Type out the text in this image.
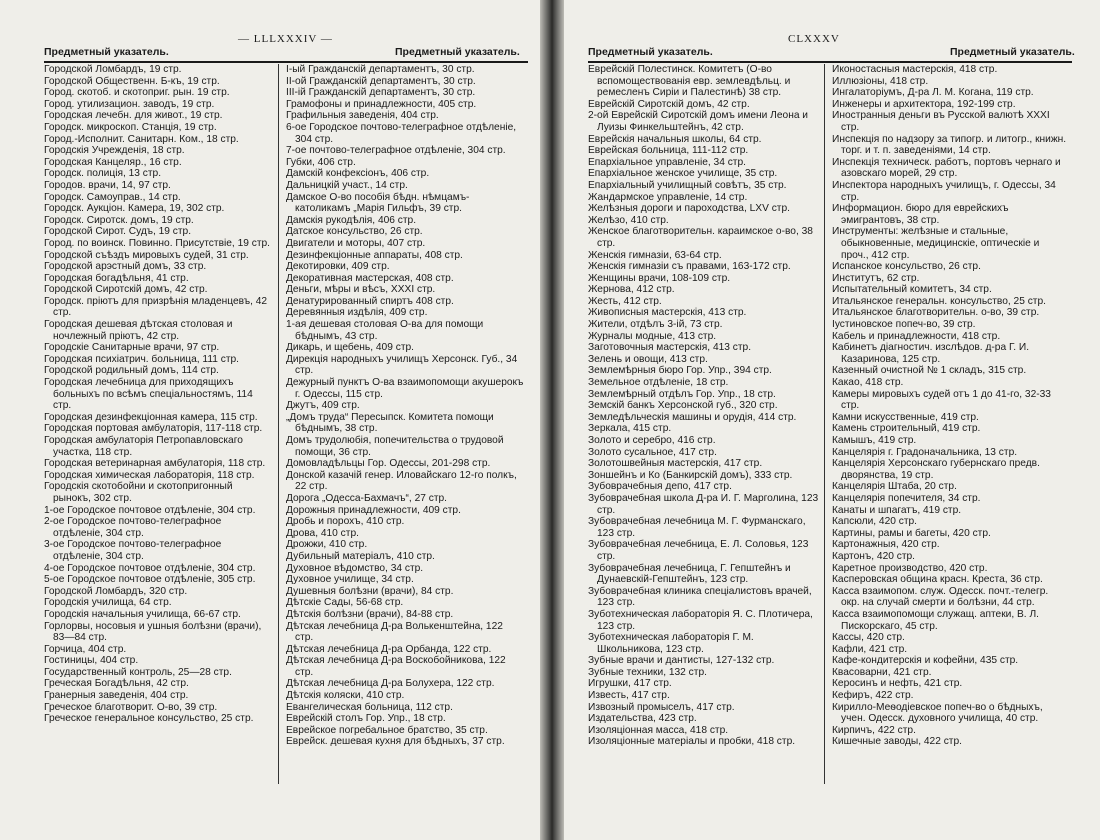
— LLLXXXIV —
Предметный указатель.	Предметный указатель.
Городской Ломбардъ, 19 стр.
Городской Общественн. Б-къ, 19 стр.
Город. скотоб. и скотоприг. рын. 19 стр.
Город. утилизацион. заводъ, 19 стр.
Городская лечебн. для живот., 19 стр.
Городск. микроскоп. Станція, 19 стр.
Город.-Исполнит. Санитарн. Ком., 18 стр.
Городскія Учрежденія, 18 стр.
Городская Канцеляр., 16 стр.
Городск. полиція, 13 стр.
Городов. врачи, 14, 97 стр.
Городск. Самоуправ., 14 стр.
Городск. Аукціон. Камера, 19, 302 стр.
Городск. Сиротск. домъ, 19 стр.
Городской Сирот. Судъ, 19 стр.
Город. по воинск. Повинно. Присутствіе, 19 стр.
Городской съѣздъ мировыхъ судей, 31 стр.
Городской арэстный домъ, 33 стр.
Городская богадѣльня, 41 стр.
Городской Сиротскій домъ, 42 стр.
Городск. пріютъ для призрѣнія младенцевъ, 42 стр.
Городская дешевая дѣтская столовая и ночлежный пріютъ, 42 стр.
Городскіе Санитарные врачи, 97 стр.
Городская психіатрич. больница, 111 стр.
Городской родильный домъ, 114 стр.
Городская лечебница для приходящихъ больныхъ по всѣмъ спеціальностямъ, 114 стр.
Городская дезинфекціонная камера, 115 стр.
Городская портовая амбулаторія, 117-118 стр.
Городская амбулаторія Петропавловскаго участка, 118 стр.
Городская ветеринарная амбулаторія, 118 стр.
Городская химическая лабораторія, 118 стр.
Городскія скотобойни и скотопригонный рынокъ, 302 стр.
1-ое Городское почтовое отдѣленіе, 304 стр.
2-ое Городское почтово-телеграфное отдѣленіе, 304 стр.
3-ое Городское почтово-телеграфное отдѣленіе, 304 стр.
4-ое Городское почтовое отдѣленіе, 304 стр.
5-ое Городское почтовое отдѣленіе, 305 стр.
Городской Ломбардъ, 320 стр.
Городскія училища, 64 стр.
Городскія начальныя училища, 66-67 стр.
Горлорвы, носовыя и ушныя болѣзни (врачи), 83—84 стр.
Горчица, 404 стр.
Гостиницы, 404 стр.
Государственный контроль, 25—28 стр.
Греческая Богадѣльня, 42 стр.
Гранерныя заведенія, 404 стр.
Греческое благотворит. О-во, 39 стр.
Греческое генеральное консульство, 25 стр.
I-ый Гражданскій департаментъ, 30 стр.
II-ой Гражданскій департаментъ, 30 стр.
III-ій Гражданскій департаментъ, 30 стр.
Грамофоны и принадлежности, 405 стр.
Графильныя заведенія, 404 стр.
6-ое Городское почтово-телеграфное отдѣленіе, 304 стр.
7-ое почтово-телеграфное отдѣленіе, 304 стр.
Губки, 406 стр.
Дамскій конфексіонъ, 406 стр.
Дальницкій участ., 14 стр.
Дамское О-во пособія бѣдн. нѣмцамъ-католикамъ „Марія Гильфъ, 39 стр.
Дамскія рукодѣлія, 406 стр.
Датское консульство, 26 стр.
Двигатели и моторы, 407 стр.
Дезинфекціонные аппараты, 408 стр.
Декотировки, 409 стр.
Декоративная мастерская, 408 стр.
Деньги, мѣры и вѣсъ, XXXI стр.
Денатурированный спиртъ 408 стр.
Деревянныя издѣлія, 409 стр.
1-ая дешевая столовая О-ва для помощи бѣднымъ, 43 стр.
Дикарь, и щебень, 409 стр.
Дирекція народныхъ училищъ Херсонск. Губ., 34 стр.
Дежурный пунктъ О-ва взаимопомощи акушерокъ г. Одессы, 115 стр.
Джутъ, 409 стр.
„Домъ труда“ Пересыпск. Комитета помощи бѣднымъ, 38 стр.
Домъ трудолюбія, попечительства о трудовой помощи, 36 стр.
Домовладѣльцы Гор. Одессы, 201-298 стр.
Донской казачій генер. Иловайскаго 12-го полкъ, 22 стр.
Дорога „Одесса-Бахмачъ“, 27 стр.
Дорожныя принадлежности, 409 стр.
Дробь и порохъ, 410 стр.
Дрова, 410 стр.
Дрожжи, 410 стр.
Дубильный матеріалъ, 410 стр.
Духовное вѣдомство, 34 стр.
Духовное училище, 34 стр.
Душевныя болѣзни (врачи), 84 стр.
Дѣтскіе Сады, 56-68 стр.
Дѣтскія болѣзни (врачи), 84-88 стр.
Дѣтская лечебница Д-ра Волькенштейна, 122 стр.
Дѣтская лечебница Д-ра Орбанда, 122 стр.
Дѣтская лечебница Д-ра Воскобойникова, 122 стр.
Дѣтская лечебница Д-ра Болухера, 122 стр.
Дѣтскія коляски, 410 стр.
Евангелическая больница, 112 стр.
Еврейскій столъ Гор. Упр., 18 стр.
Еврейское погребальное братство, 35 стр.
Еврейск. дешевая кухня для бѣдныхъ, 37 стр.
CLXXXV
Предметный указатель.	Предметный указатель.
Еврейскій Полестинск. Комитетъ (О-во вспомоществованія евр. землевдѣльц. и ремесленъ Сиріи и Палестинѣ) 38 стр.
Еврейскій Сиротскій домъ, 42 стр.
2-ой Еврейскій Сиротскій домъ имени Леона и Луизы Финкельштейнъ, 42 стр.
Еврейскія начальныя школы, 64 стр.
Еврейская больница, 111-112 стр.
Епархіальное управленіе, 34 стр.
Епархіальное женское училище, 35 стр.
Епархіальный училищный совѣтъ, 35 стр.
Жандармское управленіе, 14 стр.
Желѣзныя дороги и пароходства, LXV стр.
Желѣзо, 410 стр.
Женское благотворительн. караимское о-во, 38 стр.
Женскія гимназіи, 63-64 стр.
Женскія гимназіи съ правами, 163-172 стр.
Женщины врачи, 108-109 стр.
Жернова, 412 стр.
Жесть, 412 стр.
Живописныя мастерскія, 413 стр.
Жители, отдѣлъ 3-ій, 73 стр.
Журналы модные, 413 стр.
Заготовочныя мастерскія, 413 стр.
Зелень и овощи, 413 стр.
Землемѣрныя бюро Гор. Упр., 394 стр.
Земельное отдѣленіе, 18 стр.
Землемѣрный отдѣлъ Гор. Упр., 18 стр.
Земскій банкъ Херсонской губ., 320 стр.
Земледѣльческія машины и орудія, 414 стр.
Зеркала, 415 стр.
Золото и серебро, 416 стр.
Золото сусальное, 417 стр.
Золотошвейныя мастерскія, 417 стр.
Зоншейнъ и Ко (Банкирскій домъ), 333 стр.
Зубоврачебныя депо, 417 стр.
Зубоврачебная школа Д-ра И. Г. Марголина, 123 стр.
Зубоврачебная лечебница М. Г. Фурманскаго, 123 стр.
Зубоврачебная лечебница, Е. Л. Соловья, 123 стр.
Зубоврачебная лечебница, Г. Гепштейнъ и Дунаевскій-Гепштейнъ, 123 стр.
Зубоврачебная клиника спеціалистовъ врачей, 123 стр.
Зуботехническая лабораторія Я. С. Плотичера, 123 стр.
Зуботехническая лабораторія Г. М. Школьникова, 123 стр.
Зубные врачи и дантисты, 127-132 стр.
Зубные техники, 132 стр.
Игрушки, 417 стр.
Известь, 417 стр.
Извозный промыселъ, 417 стр.
Издательства, 423 стр.
Изоляціонная масса, 418 стр.
Изоляціонные матеріалы и пробки, 418 стр.
Иконостасныя мастерскія, 418 стр.
Иллюзіоны, 418 стр.
Ингалаторіумъ, Д-ра Л. М. Когана, 119 стр.
Инженеры и архитектора, 192-199 стр.
Иностранныя деньги въ Русской валютѣ XXXI стр.
Инспекція по надзору за типогр. и литогр., книжн. торг. и т. п. заведеніями, 14 стр.
Инспекція техническ. работъ, портовъ чернаго и азовскаго морей, 29 стр.
Инспектора народныхъ училищъ, г. Одессы, 34 стр.
Информацион. бюро для еврейскихъ эмигрантовъ, 38 стр.
Инструменты: желѣзные и стальные, обыкновенные, медицинскіе, оптическіе и проч., 412 стр.
Испанское консульство, 26 стр.
Институтъ, 62 стр.
Испытательный комитетъ, 34 стр.
Итальянское генеральн. консульство, 25 стр.
Итальянское благотворительн. о-во, 39 стр.
Іустиновское попеч-во, 39 стр.
Кабель и принадлежности, 418 стр.
Кабинетъ діагностич. изслѣдов. д-ра Г. И. Казаринова, 125 стр.
Казенный очистной № 1 складъ, 315 стр.
Какао, 418 стр.
Камеры мировыхъ судей отъ 1 до 41-го, 32-33 стр.
Камни искусственные, 419 стр.
Камень строительный, 419 стр.
Камышъ, 419 стр.
Канцелярія г. Градоначальника, 13 стр.
Канцелярія Херсонскаго губернскаго предв. дворянства, 19 стр.
Канцелярія Штаба, 20 стр.
Канцелярія попечителя, 34 стр.
Канаты и шпагатъ, 419 стр.
Капсюли, 420 стр.
Картины, рамы и багеты, 420 стр.
Картонажныя, 420 стр.
Картонъ, 420 стр.
Каретное производство, 420 стр.
Касперовская община красн. Креста, 36 стр.
Касса взаимопом. служ. Одесск. почт.-телегр. окр. на случай смерти и болѣзни, 44 стр.
Касса взаимопомощи служащ. аптеки, В. Л. Пискорскаго, 45 стр.
Кассы, 420 стр.
Кафли, 421 стр.
Кафе-кондитерскія и кофейни, 435 стр.
Квасоварни, 421 стр.
Керосинъ и нефть, 421 стр.
Кефиръ, 422 стр.
Кирилло-Меѳодіевское попеч-во о бѣдныхъ, учен. Одесск. духовного училища, 40 стр.
Кирпичъ, 422 стр.
Кишечные заводы, 422 стр.
